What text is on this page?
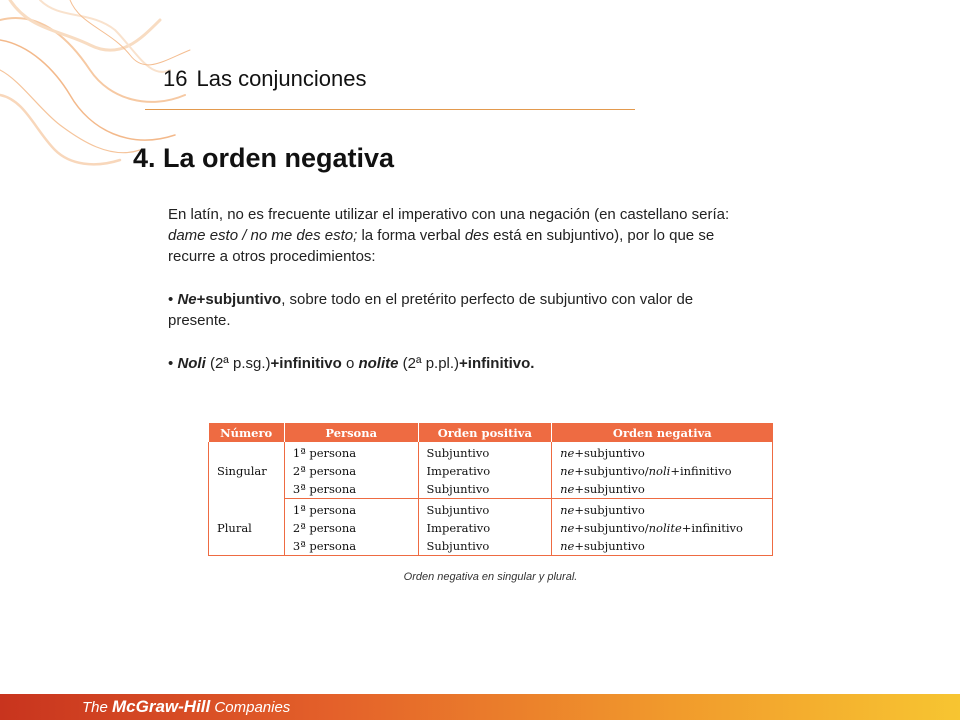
16 Las conjunciones
4. La orden negativa

En latín, no es frecuente utilizar el imperativo con una negación (en castellano sería: dame esto / no me des esto; la forma verbal des está en subjuntivo), por lo que se recurre a otros procedimientos:

• Ne+subjuntivo, sobre todo en el pretérito perfecto de subjuntivo con valor de presente.

• Noli (2ª p.sg.)+infinitivo o nolite (2ª p.pl.)+infinitivo.

Número	Persona	Orden positiva	Orden negativa
Singular	1ª persona	Subjuntivo	ne+subjuntivo
	2ª persona	Imperativo	ne+subjuntivo/noli+infinitivo
	3ª persona	Subjuntivo	ne+subjuntivo
Plural	1ª persona	Subjuntivo	ne+subjuntivo
	2ª persona	Imperativo	ne+subjuntivo/nolite+infinitivo
	3ª persona	Subjuntivo	ne+subjuntivo
Orden negativa en singular y plural.
The McGraw-Hill Companies
